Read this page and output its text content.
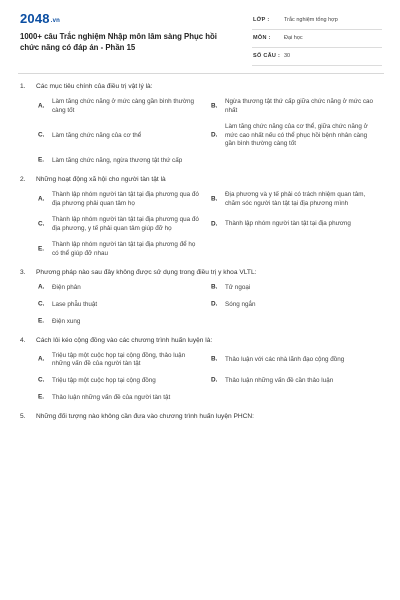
2048.vn
1000+ câu Trắc nghiệm Nhập môn lâm sàng Phục hồi chức năng có đáp án - Phần 15
LỚP :	Trắc nghiệm tổng hợp
MÔN : Đại học
SỐ CÂU : 30
1. Các mục tiêu chính của điều trị vật lý là:
A.
Làm tăng chức năng ở mức càng gần bình thường càng tốt
B.
Ngừa thương tật thứ cấp giữa chức năng ở mức cao nhất
C. Làm tăng chức năng của cơ thể	D.
Làm tăng chức năng của cơ thể, giữa chức năng ở mức cao nhất nếu có thể phục hồi bệnh nhân càng gần bình thường càng tốt
E. Làm tăng chức năng, ngừa thương tật thứ cấp
2. Những hoạt động xã hội cho người tàn tật là
A.
Thành lập nhóm người tàn tật tại địa phương qua đó địa phương phải quan tâm họ
B.
Địa phương và y tế phải có trách nhiệm quan tâm, chăm sóc người tàn tật tại địa phương mình
C.
Thành lập nhóm người tàn tật tại địa phương qua đó địa phương, y tế phải quan tâm giúp đỡ họ
D. Thành lập nhóm người tàn tật tại địa phương
E.
Thành lập nhóm người tàn tật tại địa phương để họ có thể giúp đỡ nhau
3. Phương pháp nào sau đây không được sử dụng trong điều trị y khoa VLTL:
A. Điện phân	B. Tử ngoại
C. Lase phẫu thuật	D. Sóng ngắn
E. Điện xung
4. Cách lôi kéo cộng đồng vào các chương trình huấn luyện là:
A.
Triệu tập một cuộc họp tại cộng đồng, thảo luận những vấn đề của người tàn tật
B. Thảo luận với các nhà lãnh đạo cộng đồng
C. Triệu tập một cuộc họp tại cộng đồng	D. Thảo luận những vấn đề cần thảo luận
E. Thảo luận những vấn đề của người tàn tật
5. Những đối tượng nào không cần đưa vào chương trình huấn luyện PHCN:
